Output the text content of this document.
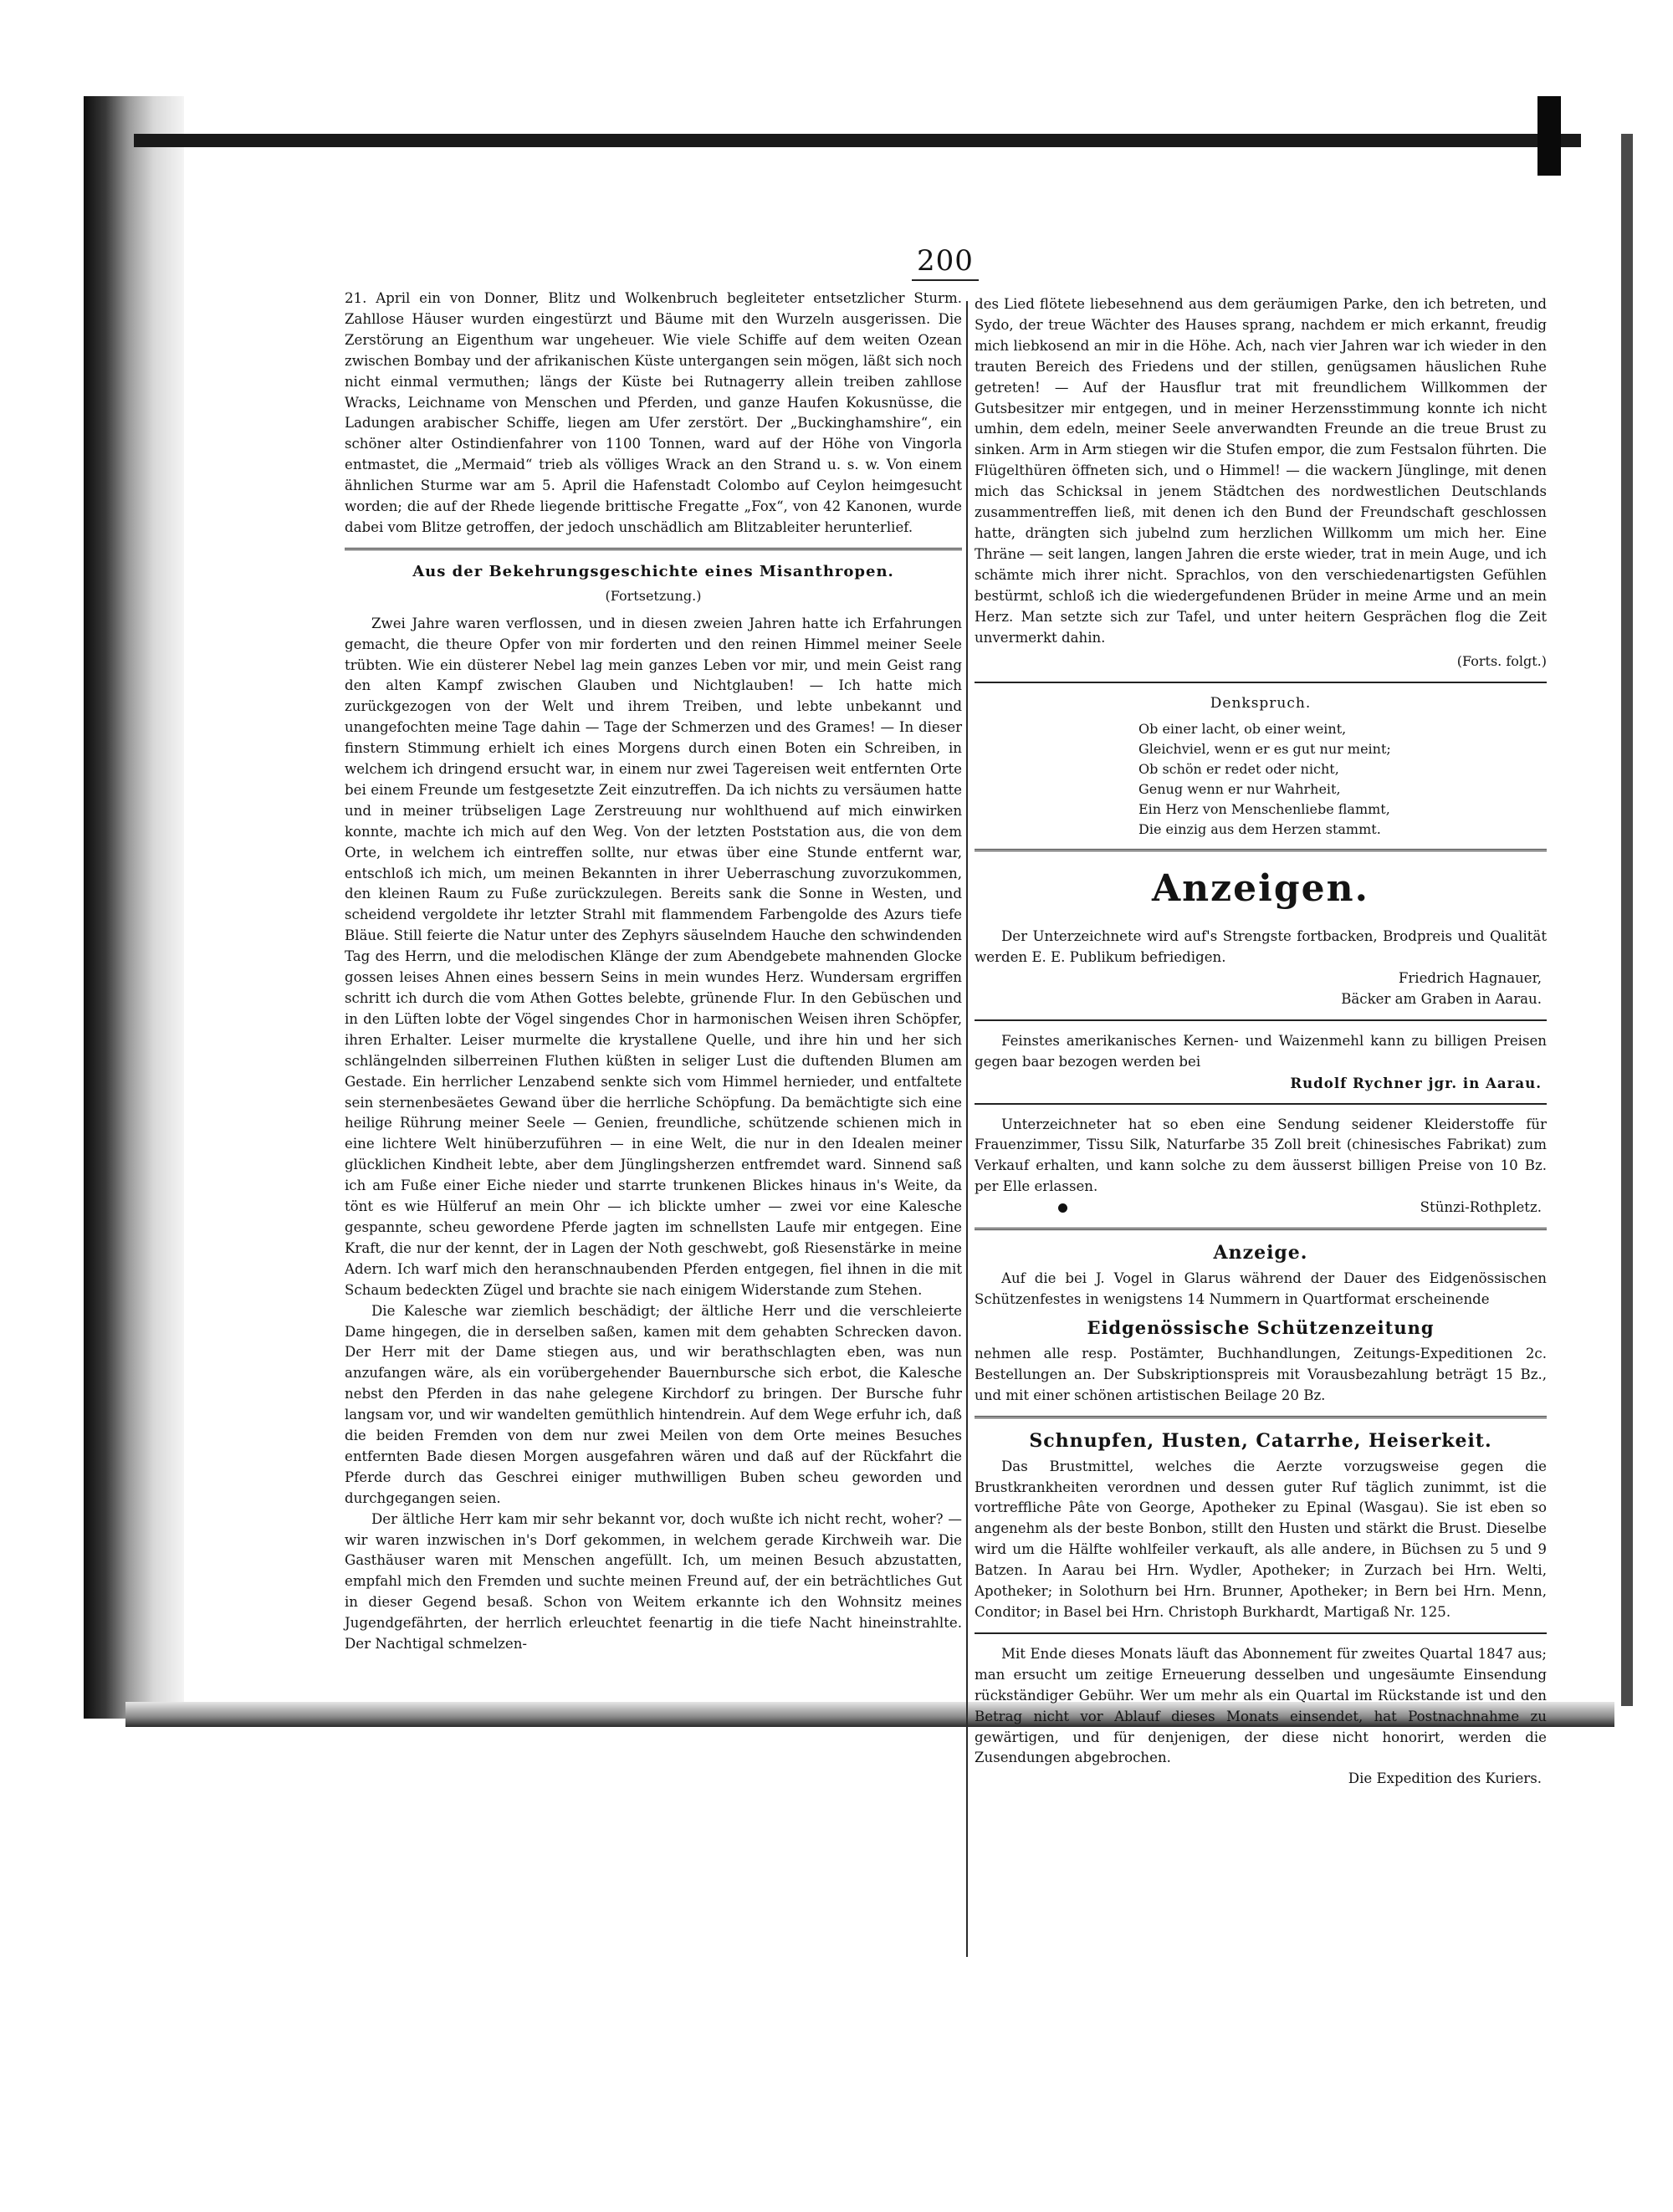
200

21. April ein von Donner, Blitz und Wolkenbruch begleiteter entsetzlicher Sturm. Zahllose Häuser wurden eingestürzt und Bäume mit den Wurzeln ausgerissen. Die Zerstörung an Eigenthum war ungeheuer. Wie viele Schiffe auf dem weiten Ozean zwischen Bombay und der afrikanischen Küste untergangen sein mögen, läßt sich noch nicht einmal vermuthen; längs der Küste bei Rutnagerry allein treiben zahllose Wracks, Leichname von Menschen und Pferden, und ganze Haufen Kokusnüsse, die Ladungen arabischer Schiffe, liegen am Ufer zerstört. Der „Buckinghamshire“, ein schöner alter Ostindienfahrer von 1100 Tonnen, ward auf der Höhe von Vingorla entmastet, die „Mermaid“ trieb als völliges Wrack an den Strand u. s. w. Von einem ähnlichen Sturme war am 5. April die Hafenstadt Colombo auf Ceylon heimgesucht worden; die auf der Rhede liegende brittische Fregatte „Fox“, von 42 Kanonen, wurde dabei vom Blitze getroffen, der jedoch unschädlich am Blitzableiter herunterlief.

Aus der Bekehrungsgeschichte eines Misanthropen.
(Fortsetzung.)

Zwei Jahre waren verflossen, und in diesen zweien Jahren hatte ich Erfahrungen gemacht, die theure Opfer von mir forderten und den reinen Himmel meiner Seele trübten. Wie ein düsterer Nebel lag mein ganzes Leben vor mir, und mein Geist rang den alten Kampf zwischen Glauben und Nichtglauben! — Ich hatte mich zurückgezogen von der Welt und ihrem Treiben, und lebte unbekannt und unangefochten meine Tage dahin — Tage der Schmerzen und des Grames! — In dieser finstern Stimmung erhielt ich eines Morgens durch einen Boten ein Schreiben, in welchem ich dringend ersucht war, in einem nur zwei Tagereisen weit entfernten Orte bei einem Freunde um festgesetzte Zeit einzutreffen. Da ich nichts zu versäumen hatte und in meiner trübseligen Lage Zerstreuung nur wohlthuend auf mich einwirken konnte, machte ich mich auf den Weg. Von der letzten Poststation aus, die von dem Orte, in welchem ich eintreffen sollte, nur etwas über eine Stunde entfernt war, entschloß ich mich, um meinen Bekannten in ihrer Ueberraschung zuvorzukommen, den kleinen Raum zu Fuße zurückzulegen. Bereits sank die Sonne in Westen, und scheidend vergoldete ihr letzter Strahl mit flammendem Farbengolde des Azurs tiefe Bläue. Still feierte die Natur unter des Zephyrs säuselndem Hauche den schwindenden Tag des Herrn, und die melodischen Klänge der zum Abendgebete mahnenden Glocke gossen leises Ahnen eines bessern Seins in mein wundes Herz. Wundersam ergriffen schritt ich durch die vom Athen Gottes belebte, grünende Flur. In den Gebüschen und in den Lüften lobte der Vögel singendes Chor in harmonischen Weisen ihren Schöpfer, ihren Erhalter. Leiser murmelte die krystallene Quelle, und ihre hin und her sich schlängelnden silberreinen Fluthen küßten in seliger Lust die duftenden Blumen am Gestade. Ein herrlicher Lenzabend senkte sich vom Himmel hernieder, und entfaltete sein sternenbesäetes Gewand über die herrliche Schöpfung. Da bemächtigte sich eine heilige Rührung meiner Seele — Genien, freundliche, schützende schienen mich in eine lichtere Welt hinüberzuführen — in eine Welt, die nur in den Idealen meiner glücklichen Kindheit lebte, aber dem Jünglingsherzen entfremdet ward. Sinnend saß ich am Fuße einer Eiche nieder und starrte trunkenen Blickes hinaus in's Weite, da tönt es wie Hülferuf an mein Ohr — ich blickte umher — zwei vor eine Kalesche gespannte, scheu gewordene Pferde jagten im schnellsten Laufe mir entgegen. Eine Kraft, die nur der kennt, der in Lagen der Noth geschwebt, goß Riesenstärke in meine Adern. Ich warf mich den heranschnaubenden Pferden entgegen, fiel ihnen in die mit Schaum bedeckten Zügel und brachte sie nach einigem Widerstande zum Stehen.

Die Kalesche war ziemlich beschädigt; der ältliche Herr und die verschleierte Dame hingegen, die in derselben saßen, kamen mit dem gehabten Schrecken davon. Der Herr mit der Dame stiegen aus, und wir berathschlagten eben, was nun anzufangen wäre, als ein vorübergehender Bauernbursche sich erbot, die Kalesche nebst den Pferden in das nahe gelegene Kirchdorf zu bringen. Der Bursche fuhr langsam vor, und wir wandelten gemüthlich hintendrein. Auf dem Wege erfuhr ich, daß die beiden Fremden von dem nur zwei Meilen von dem Orte meines Besuches entfernten Bade diesen Morgen ausgefahren wären und daß auf der Rückfahrt die Pferde durch das Geschrei einiger muthwilligen Buben scheu geworden und durchgegangen seien.

Der ältliche Herr kam mir sehr bekannt vor, doch wußte ich nicht recht, woher? — wir waren inzwischen in's Dorf gekommen, in welchem gerade Kirchweih war. Die Gasthäuser waren mit Menschen angefüllt. Ich, um meinen Besuch abzustatten, empfahl mich den Fremden und suchte meinen Freund auf, der ein beträchtliches Gut in dieser Gegend besaß. Schon von Weitem erkannte ich den Wohnsitz meines Jugendgefährten, der herrlich erleuchtet feenartig in die tiefe Nacht hineinstrahlte. Der Nachtigal schmelzen-

des Lied flötete liebesehnend aus dem geräumigen Parke, den ich betreten, und Sydo, der treue Wächter des Hauses sprang, nachdem er mich erkannt, freudig mich liebkosend an mir in die Höhe. Ach, nach vier Jahren war ich wieder in den trauten Bereich des Friedens und der stillen, genügsamen häuslichen Ruhe getreten! — Auf der Hausflur trat mit freundlichem Willkommen der Gutsbesitzer mir entgegen, und in meiner Herzensstimmung konnte ich nicht umhin, dem edeln, meiner Seele anverwandten Freunde an die treue Brust zu sinken. Arm in Arm stiegen wir die Stufen empor, die zum Festsalon führten. Die Flügelthüren öffneten sich, und o Himmel! — die wackern Jünglinge, mit denen mich das Schicksal in jenem Städtchen des nordwestlichen Deutschlands zusammentreffen ließ, mit denen ich den Bund der Freundschaft geschlossen hatte, drängten sich jubelnd zum herzlichen Willkomm um mich her. Eine Thräne — seit langen, langen Jahren die erste wieder, trat in mein Auge, und ich schämte mich ihrer nicht. Sprachlos, von den verschiedenartigsten Gefühlen bestürmt, schloß ich die wiedergefundenen Brüder in meine Arme und an mein Herz. Man setzte sich zur Tafel, und unter heitern Gesprächen flog die Zeit unvermerkt dahin.

(Forts. folgt.)
Denkspruch.
Ob einer lacht, ob einer weint,
Gleichviel, wenn er es gut nur meint;
Ob schön er redet oder nicht,
Genug wenn er nur Wahrheit,
Ein Herz von Menschenliebe flammt,
Die einzig aus dem Herzen stammt.
Anzeigen.

Der Unterzeichnete wird auf's Strengste fortbacken, Brodpreis und Qualität werden E. E. Publikum befriedigen.

Friedrich Hagnauer,
Bäcker am Graben in Aarau.

Feinstes amerikanisches Kernen- und Waizenmehl kann zu billigen Preisen gegen baar bezogen werden bei

Rudolf Rychner jgr. in Aarau.

Unterzeichneter hat so eben eine Sendung seidener Kleiderstoffe für Frauenzimmer, Tissu Silk, Naturfarbe 35 Zoll breit (chinesisches Fabrikat) zum Verkauf erhalten, und kann solche zu dem äusserst billigen Preise von 10 Bz. per Elle erlassen.

Stünzi-Rothpletz.
Anzeige.

Auf die bei J. Vogel in Glarus während der Dauer des Eidgenössischen Schützenfestes in wenigstens 14 Nummern in Quartformat erscheinende

Eidgenössische Schützenzeitung

nehmen alle resp. Postämter, Buchhandlungen, Zeitungs-Expeditionen 2c. Bestellungen an. Der Subskriptionspreis mit Vorausbezahlung beträgt 15 Bz., und mit einer schönen artistischen Beilage 20 Bz.

Schnupfen, Husten, Catarrhe, Heiserkeit.

Das Brustmittel, welches die Aerzte vorzugsweise gegen die Brustkrankheiten verordnen und dessen guter Ruf täglich zunimmt, ist die vortreffliche Pâte von George, Apotheker zu Epinal (Wasgau). Sie ist eben so angenehm als der beste Bonbon, stillt den Husten und stärkt die Brust. Dieselbe wird um die Hälfte wohlfeiler verkauft, als alle andere, in Büchsen zu 5 und 9 Batzen. In Aarau bei Hrn. Wydler, Apotheker; in Zurzach bei Hrn. Welti, Apotheker; in Solothurn bei Hrn. Brunner, Apotheker; in Bern bei Hrn. Menn, Conditor; in Basel bei Hrn. Christoph Burkhardt, Martigaß Nr. 125.

Mit Ende dieses Monats läuft das Abonnement für zweites Quartal 1847 aus; man ersucht um zeitige Erneuerung desselben und ungesäumte Einsendung rückständiger Gebühr. Wer um mehr als ein Quartal im Rückstande ist und den Betrag nicht vor Ablauf dieses Monats einsendet, hat Postnachnahme zu gewärtigen, und für denjenigen, der diese nicht honorirt, werden die Zusendungen abgebrochen.

Die Expedition des Kuriers.
